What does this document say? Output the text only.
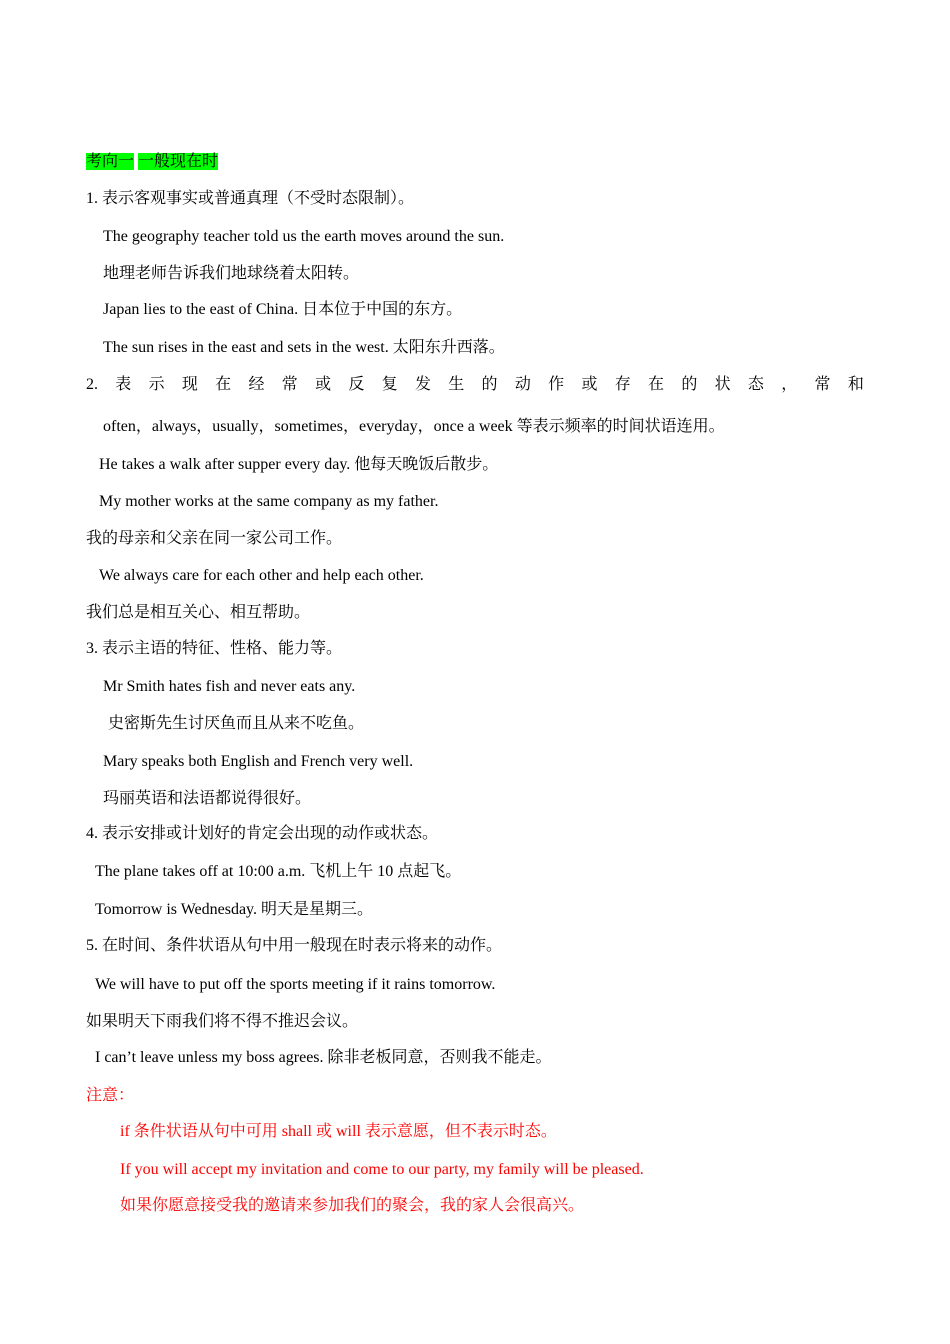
考向一 一般现在时
1. 表示客观事实或普通真理（不受时态限制）。
The geography teacher told us the earth moves around the sun.
地理老师告诉我们地球绕着太阳转。
Japan lies to the east of China. 日本位于中国的东方。
The sun rises in the east and sets in the west. 太阳东升西落。
2. 表 示 现 在 经 常 或 反 复 发 生 的 动 作 或 存 在 的 状 态 ， 常 和
often，always，usually，sometimes，everyday，once a week 等表示频率的时间状语连用。
He takes a walk after supper every day. 他每天晚饭后散步。
My mother works at the same company as my father.
我的母亲和父亲在同一家公司工作。
We always care for each other and help each other.
我们总是相互关心、相互帮助。
3. 表示主语的特征、性格、能力等。
Mr Smith hates fish and never eats any.
史密斯先生讨厌鱼而且从来不吃鱼。
Mary speaks both English and French very well.
玛丽英语和法语都说得很好。
4. 表示安排或计划好的肯定会出现的动作或状态。
The plane takes off at 10:00 a.m. 飞机上午 10 点起飞。
Tomorrow is Wednesday. 明天是星期三。
5. 在时间、条件状语从句中用一般现在时表示将来的动作。
We will have to put off the sports meeting if it rains tomorrow.
如果明天下雨我们将不得不推迟会议。
I can’t leave unless my boss agrees. 除非老板同意，否则我不能走。
注意：
if 条件状语从句中可用 shall 或 will 表示意愿，但不表示时态。
If you will accept my invitation and come to our party, my family will be pleased.
如果你愿意接受我的邀请来参加我们的聚会，我的家人会很高兴。
